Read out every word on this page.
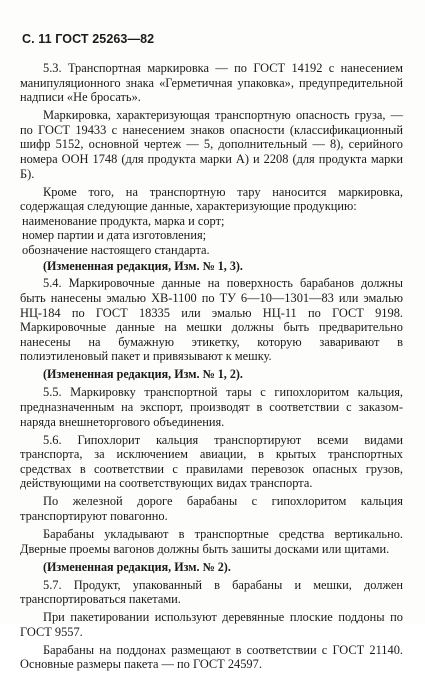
С. 11 ГОСТ 25263—82

5.3. Транспортная маркировка — по ГОСТ 14192 с нанесением манипуляционного знака «Герметичная упаковка», предупредительной надписи «Не бросать».

Маркировка, характеризующая транспортную опасность груза, — по ГОСТ 19433 с нанесением знаков опасности (классификационный шифр 5152, основной чертеж — 5, дополнительный — 8), серийного номера ООН 1748 (для продукта марки А) и 2208 (для продукта марки Б).

Кроме того, на транспортную тару наносится маркировка, содержащая следующие данные, характеризующие продукцию:

наименование продукта, марка и сорт;

номер партии и дата изготовления;

обозначение настоящего стандарта.

(Измененная редакция, Изм. № 1, 3).

5.4. Маркировочные данные на поверхность барабанов должны быть нанесены эмалью ХВ-1100 по ТУ 6—10—1301—83 или эмалью НЦ-184 по ГОСТ 18335 или эмалью НЦ-11 по ГОСТ 9198. Маркировочные данные на мешки должны быть предварительно нанесены на бумажную этикетку, которую заваривают в полиэтиленовый пакет и привязывают к мешку.

(Измененная редакция, Изм. № 1, 2).

5.5. Маркировку транспортной тары с гипохлоритом кальция, предназначенным на экспорт, производят в соответствии с заказом-наряда внешнеторгового объединения.

5.6. Гипохлорит кальция транспортируют всеми видами транспорта, за исключением авиации, в крытых транспортных средствах в соответствии с правилами перевозок опасных грузов, действующими на соответствующих видах транспорта.

По железной дороге барабаны с гипохлоритом кальция транспортируют повагонно.

Барабаны укладывают в транспортные средства вертикально. Дверные проемы вагонов должны быть зашиты досками или щитами.

(Измененная редакция, Изм. № 2).

5.7. Продукт, упакованный в барабаны и мешки, должен транспортироваться пакетами.

При пакетировании используют деревянные плоские поддоны по ГОСТ 9557.

Барабаны на поддонах размещают в соответствии с ГОСТ 21140. Основные размеры пакета — по ГОСТ 24597.
